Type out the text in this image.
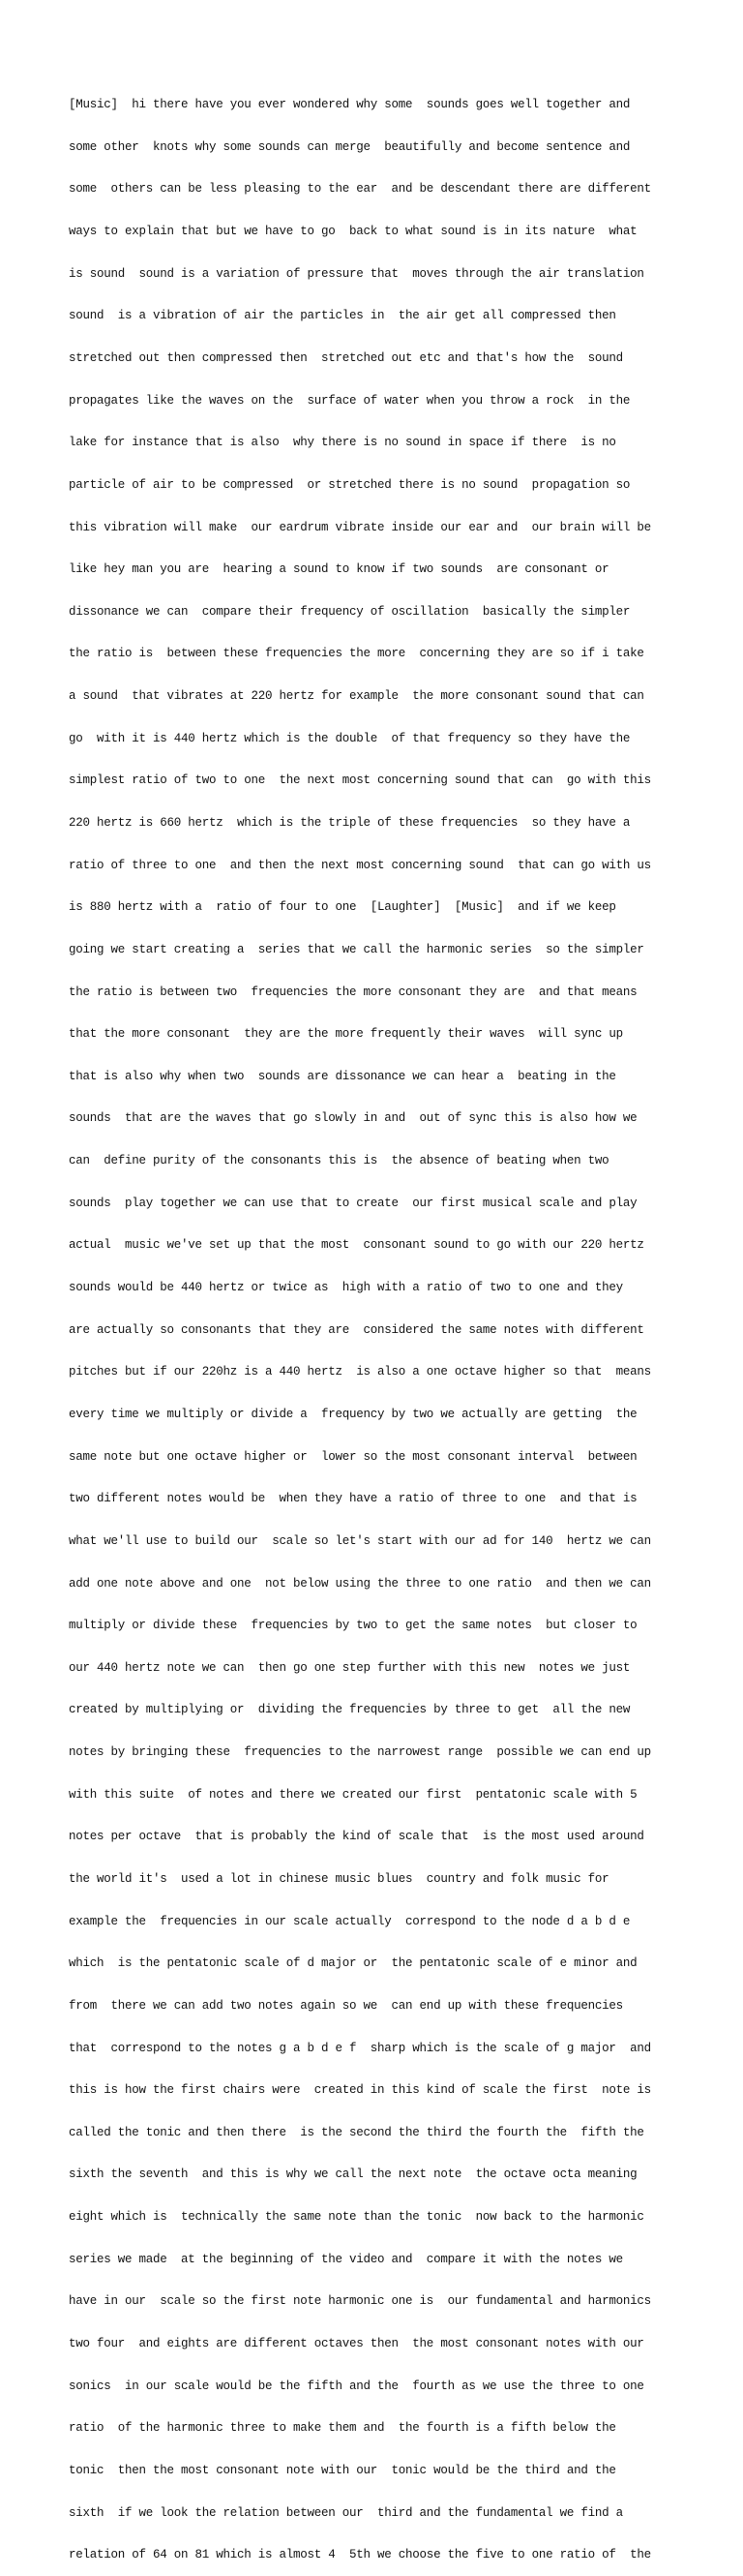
[Music]  hi there have you ever wondered why some  sounds goes well together and

some other  knots why some sounds can merge  beautifully and become sentence and

some  others can be less pleasing to the ear  and be descendant there are different

ways to explain that but we have to go  back to what sound is in its nature  what

is sound  sound is a variation of pressure that  moves through the air translation

sound  is a vibration of air the particles in  the air get all compressed then

stretched out then compressed then  stretched out etc and that's how the  sound

propagates like the waves on the  surface of water when you throw a rock  in the

lake for instance that is also  why there is no sound in space if there  is no

particle of air to be compressed  or stretched there is no sound  propagation so

this vibration will make  our eardrum vibrate inside our ear and  our brain will be

like hey man you are  hearing a sound to know if two sounds  are consonant or

dissonance we can  compare their frequency of oscillation  basically the simpler

the ratio is  between these frequencies the more  concerning they are so if i take

a sound  that vibrates at 220 hertz for example  the more consonant sound that can

go  with it is 440 hertz which is the double  of that frequency so they have the

simplest ratio of two to one  the next most concerning sound that can  go with this

220 hertz is 660 hertz  which is the triple of these frequencies  so they have a

ratio of three to one  and then the next most concerning sound  that can go with us

is 880 hertz with a  ratio of four to one  [Laughter]  [Music]  and if we keep

going we start creating a  series that we call the harmonic series  so the simpler

the ratio is between two  frequencies the more consonant they are  and that means

that the more consonant  they are the more frequently their waves  will sync up

that is also why when two  sounds are dissonance we can hear a  beating in the

sounds  that are the waves that go slowly in and  out of sync this is also how we

can  define purity of the consonants this is  the absence of beating when two

sounds  play together we can use that to create  our first musical scale and play

actual  music we've set up that the most  consonant sound to go with our 220 hertz

sounds would be 440 hertz or twice as  high with a ratio of two to one and they

are actually so consonants that they are  considered the same notes with different

pitches but if our 220hz is a 440 hertz  is also a one octave higher so that  means

every time we multiply or divide a  frequency by two we actually are getting  the

same note but one octave higher or  lower so the most consonant interval  between

two different notes would be  when they have a ratio of three to one  and that is

what we'll use to build our  scale so let's start with our ad for 140  hertz we can

add one note above and one  not below using the three to one ratio  and then we can

multiply or divide these  frequencies by two to get the same notes  but closer to

our 440 hertz note we can  then go one step further with this new  notes we just

created by multiplying or  dividing the frequencies by three to get  all the new

notes by bringing these  frequencies to the narrowest range  possible we can end up

with this suite  of notes and there we created our first  pentatonic scale with 5

notes per octave  that is probably the kind of scale that  is the most used around

the world it's  used a lot in chinese music blues  country and folk music for

example the  frequencies in our scale actually  correspond to the node d a b d e

which  is the pentatonic scale of d major or  the pentatonic scale of e minor and

from  there we can add two notes again so we  can end up with these frequencies

that  correspond to the notes g a b d e f  sharp which is the scale of g major  and

this is how the first chairs were  created in this kind of scale the first  note is

called the tonic and then there  is the second the third the fourth the  fifth the

sixth the seventh  and this is why we call the next note  the octave octa meaning

eight which is  technically the same note than the tonic  now back to the harmonic

series we made  at the beginning of the video and  compare it with the notes we

have in our  scale so the first note harmonic one is  our fundamental and harmonics

two four  and eights are different octaves then  the most consonant notes with our

sonics  in our scale would be the fifth and the  fourth as we use the three to one

ratio  of the harmonic three to make them and  the fourth is a fifth below the

tonic  then the most consonant note with our  tonic would be the third and the

sixth  if we look the relation between our  third and the fundamental we find a

relation of 64 on 81 which is almost 4  5th we choose the five to one ratio of  the
